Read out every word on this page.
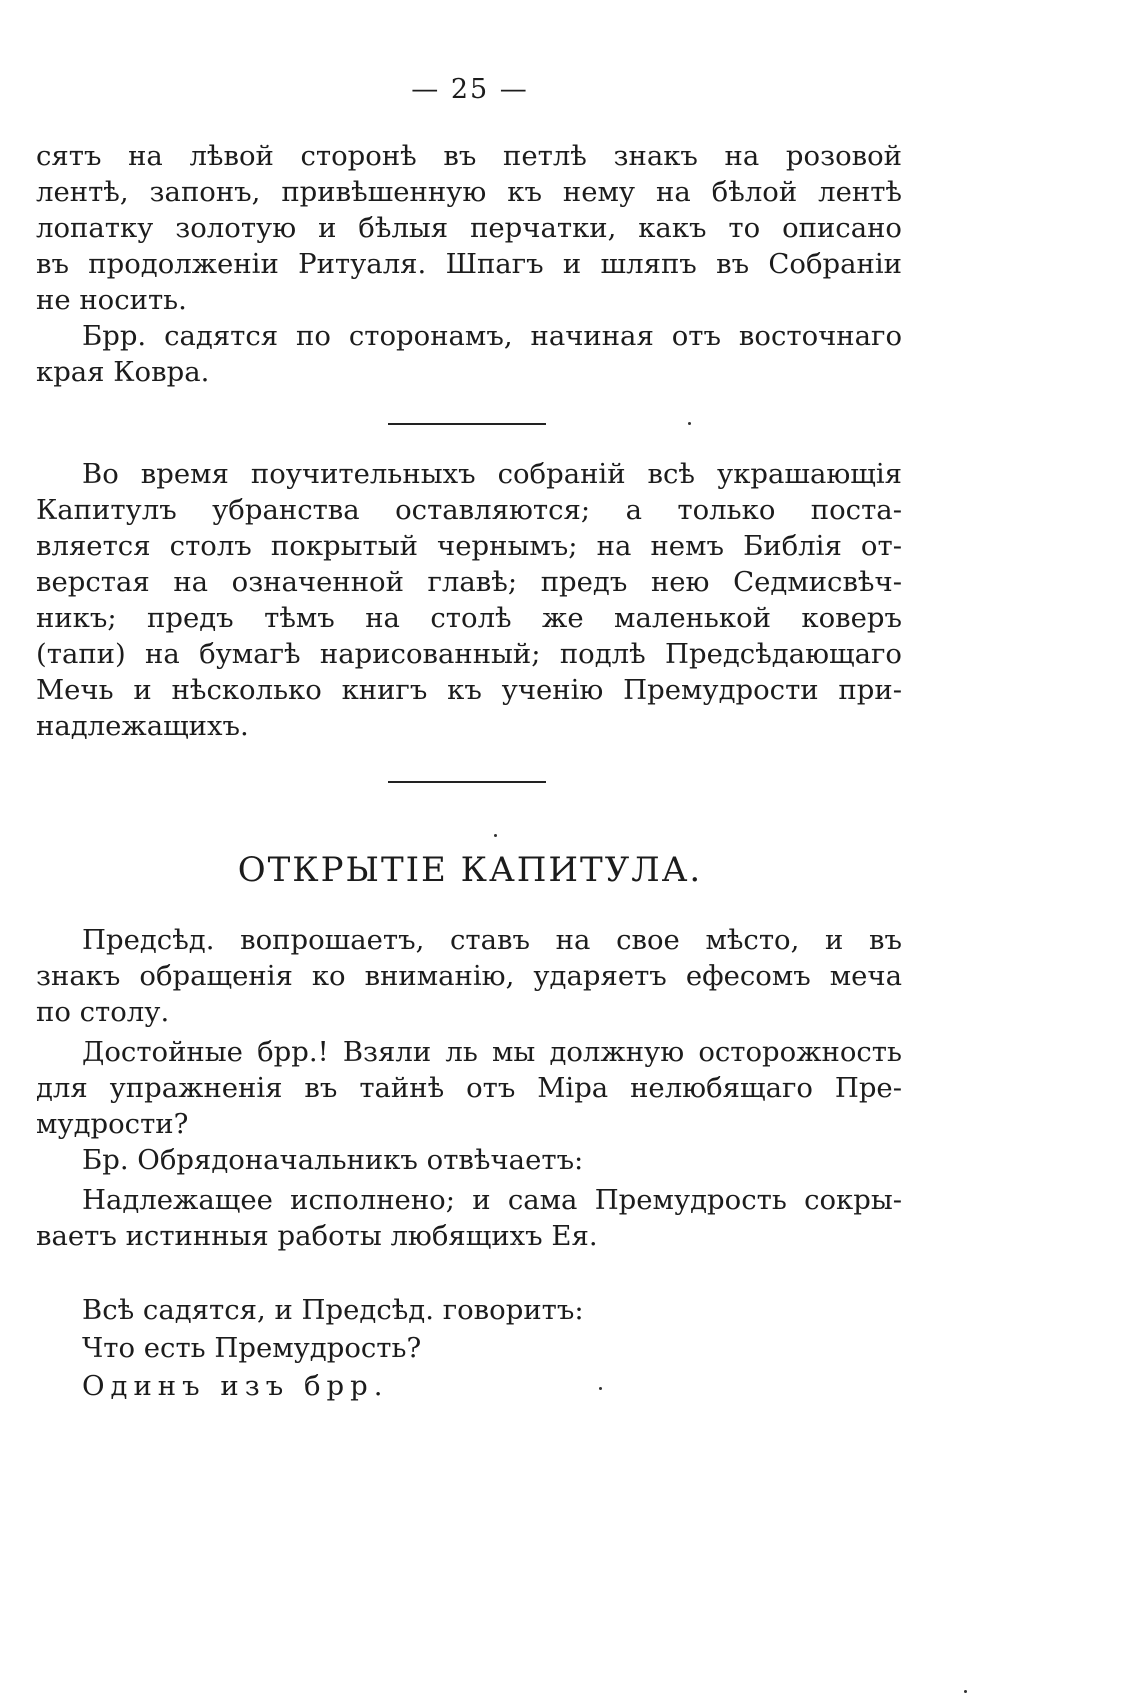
— 25 —
сятъ на лѣвой сторонѣ въ петлѣ знакъ на розовой
лентѣ, запонъ, привѣшенную къ нему на бѣлой лентѣ
лопатку золотую и бѣлыя перчатки, какъ то описано
въ продолженiи Ритуаля. Шпагъ и шляпъ въ Собранiи
не носить.
Брр. садятся по сторонамъ, начиная отъ восточнаго
края Ковра.
Во время поучительныхъ собранiй всѣ украшающiя
Капитулъ убранства оставляются; а только поста-
вляется столъ покрытый чернымъ; на немъ Библiя от-
верстая на означенной главѣ; предъ нею Седмисвѣч-
никъ; предъ тѣмъ на столѣ же маленькой коверъ
(тапи) на бумагѣ нарисованный; подлѣ Предсѣдающаго
Мечь и нѣсколько книгъ къ ученiю Премудрости при-
надлежащихъ.
ОТКРЫТIЕ КАПИТУЛА.
Предсѣд. вопрошаетъ, ставъ на свое мѣсто, и въ
знакъ обращенiя ко вниманiю, ударяетъ ефесомъ меча
по столу.
Достойные брр.! Взяли ль мы должную осторожность
для упражненiя въ тайнѣ отъ Мiра нелюбящаго Пре-
мудрости?
Бр. Обрядоначальникъ отвѣчаетъ:
Надлежащее исполнено; и сама Премудрость сокры-
ваетъ истинныя работы любящихъ Ея.
Всѣ садятся, и Предсѣд. говоритъ:
Что есть Премудрость?
Одинъ изъ брр.
